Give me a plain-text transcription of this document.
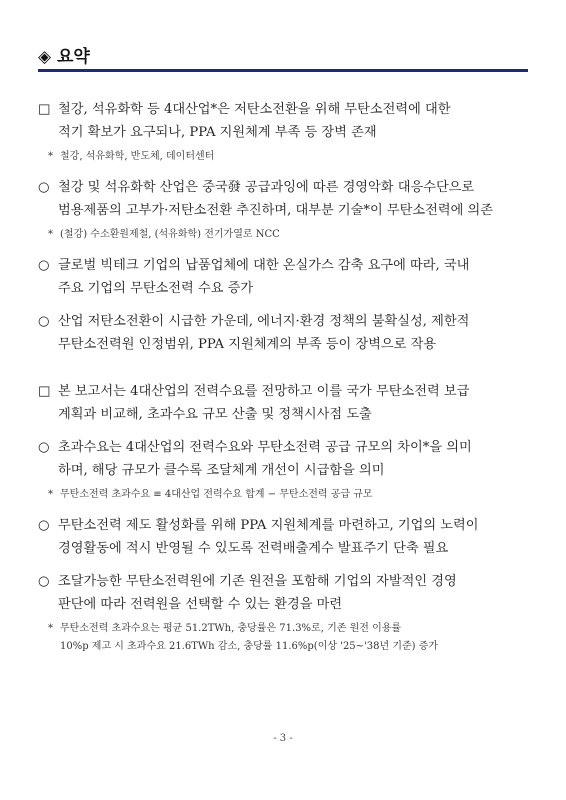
◈ 요약
□ 철강, 석유화학 등 4대산업*은 저탄소전환을 위해 무탄소전력에 대한

적기 확보가 요구되나, PPA 지원체계 부족 등 장벽 존재

* 철강, 석유화학, 반도체, 데이터센터

○ 철강 및 석유화학 산업은 중국發 공급과잉에 따른 경영악화 대응수단으로

범용제품의 고부가·저탄소전환 추진하며, 대부분 기술*이 무탄소전력에 의존

* (철강) 수소환원제철, (석유화학) 전기가열로 NCC

○ 글로벌 빅테크 기업의 납품업체에 대한 온실가스 감축 요구에 따라, 국내

주요 기업의 무탄소전력 수요 증가

○ 산업 저탄소전환이 시급한 가운데, 에너지·환경 정책의 불확실성, 제한적

무탄소전력원 인정범위, PPA 지원체계의 부족 등이 장벽으로 작용

□ 본 보고서는 4대산업의 전력수요를 전망하고 이를 국가 무탄소전력 보급

계획과 비교해, 초과수요 규모 산출 및 정책시사점 도출

○ 초과수요는 4대산업의 전력수요와 무탄소전력 공급 규모의 차이*을 의미

하며, 해당 규모가 클수록 조달체계 개선이 시급함을 의미

* 무탄소전력 초과수요 ≡ 4대산업 전력수요 합계 − 무탄소전력 공급 규모

○ 무탄소전력 제도 활성화를 위해 PPA 지원체계를 마련하고, 기업의 노력이

경영활동에 적시 반영될 수 있도록 전력배출계수 발표주기 단축 필요

○ 조달가능한 무탄소전력원에 기존 원전을 포함해 기업의 자발적인 경영

판단에 따라 전력원을 선택할 수 있는 환경을 마련

* 무탄소전력 초과수요는 평균 51.2TWh, 충당률은 71.3%로, 기존 원전 이용률

10%p 제고 시 초과수요 21.6TWh 감소, 충당률 11.6%p(이상 '25~'38년 기준) 증가

- 3 -
